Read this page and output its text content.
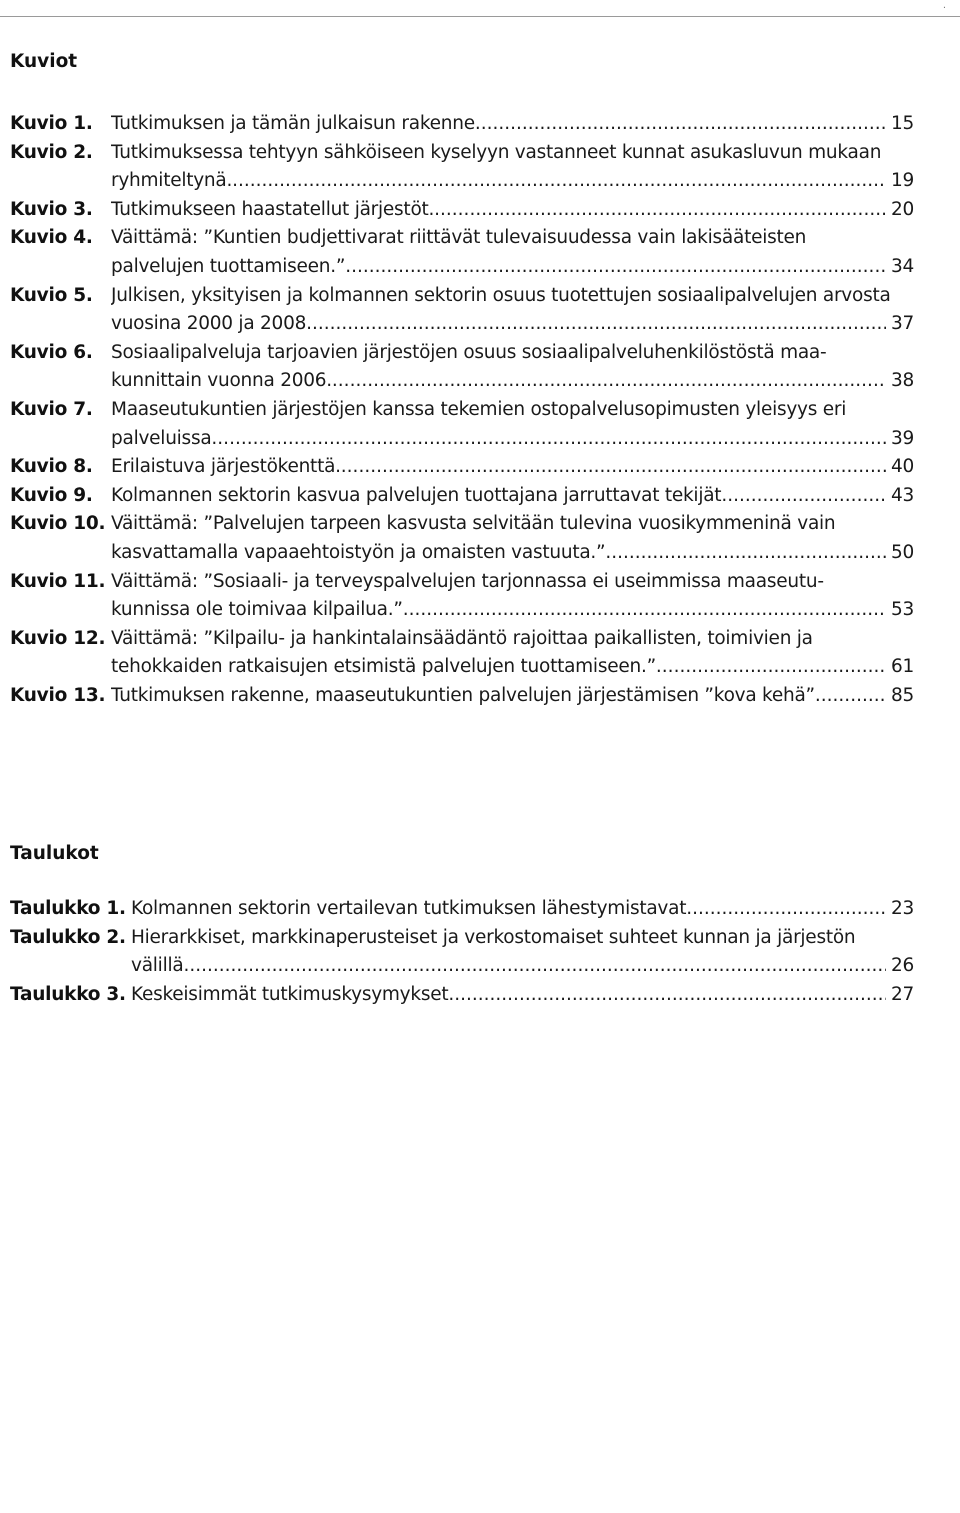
.
Kuviot
Kuvio 1. Tutkimuksen ja tämän julkaisun rakenne .....	15
Kuvio 2. Tutkimuksessa tehtyyn sähköiseen kyselyyn vastanneet kunnat asukasluvun mukaan
ryhmiteltynä. .....	19
Kuvio 3. Tutkimukseen haastatellut järjestöt. .....	20
Kuvio 4. Väittämä: ”Kuntien budjettivarat riittävät tulevaisuudessa vain lakisääteisten
palvelujen tuottamiseen.” .....	34
Kuvio 5. Julkisen, yksityisen ja kolmannen sektorin osuus tuotettujen sosiaalipalvelujen arvosta
vuosina 2000 ja 2008 .....	37
Kuvio 6. Sosiaalipalveluja tarjoavien järjestöjen osuus sosiaalipalveluhenkilöstöstä maa-
kunnittain vuonna 2006. .....	38
Kuvio 7. Maaseutukuntien järjestöjen kanssa tekemien ostopalvelusopimusten yleisyys eri
palveluissa .....	39
Kuvio 8. Erilaistuva järjestökenttä. .....	40
Kuvio 9. Kolmannen sektorin kasvua palvelujen tuottajana jarruttavat tekijät .....	43
Kuvio 10. Väittämä: ”Palvelujen tarpeen kasvusta selvitään tulevina vuosikymmeninä vain
kasvattamalla vapaaehtoistyön ja omaisten vastuuta.” .....	50
Kuvio 11. Väittämä: ”Sosiaali- ja terveyspalvelujen tarjonnassa ei useimmissa maaseutu-
kunnissa ole toimivaa kilpailua.” .....	53
Kuvio 12. Väittämä: ”Kilpailu- ja hankintalainsäädäntö rajoittaa paikallisten, toimivien ja
tehokkaiden ratkaisujen etsimistä palvelujen tuottamiseen.” .....	61
Kuvio 13. Tutkimuksen rakenne, maaseutukuntien palvelujen järjestämisen ”kova kehä” .....	85
Taulukot
Taulukko 1. Kolmannen sektorin vertailevan tutkimuksen lähestymistavat .....	23
Taulukko 2. Hierarkkiset, markkinaperusteiset ja verkostomaiset suhteet kunnan ja järjestön
välillä .....	26
Taulukko 3. Keskeisimmät tutkimuskysymykset .....	27
